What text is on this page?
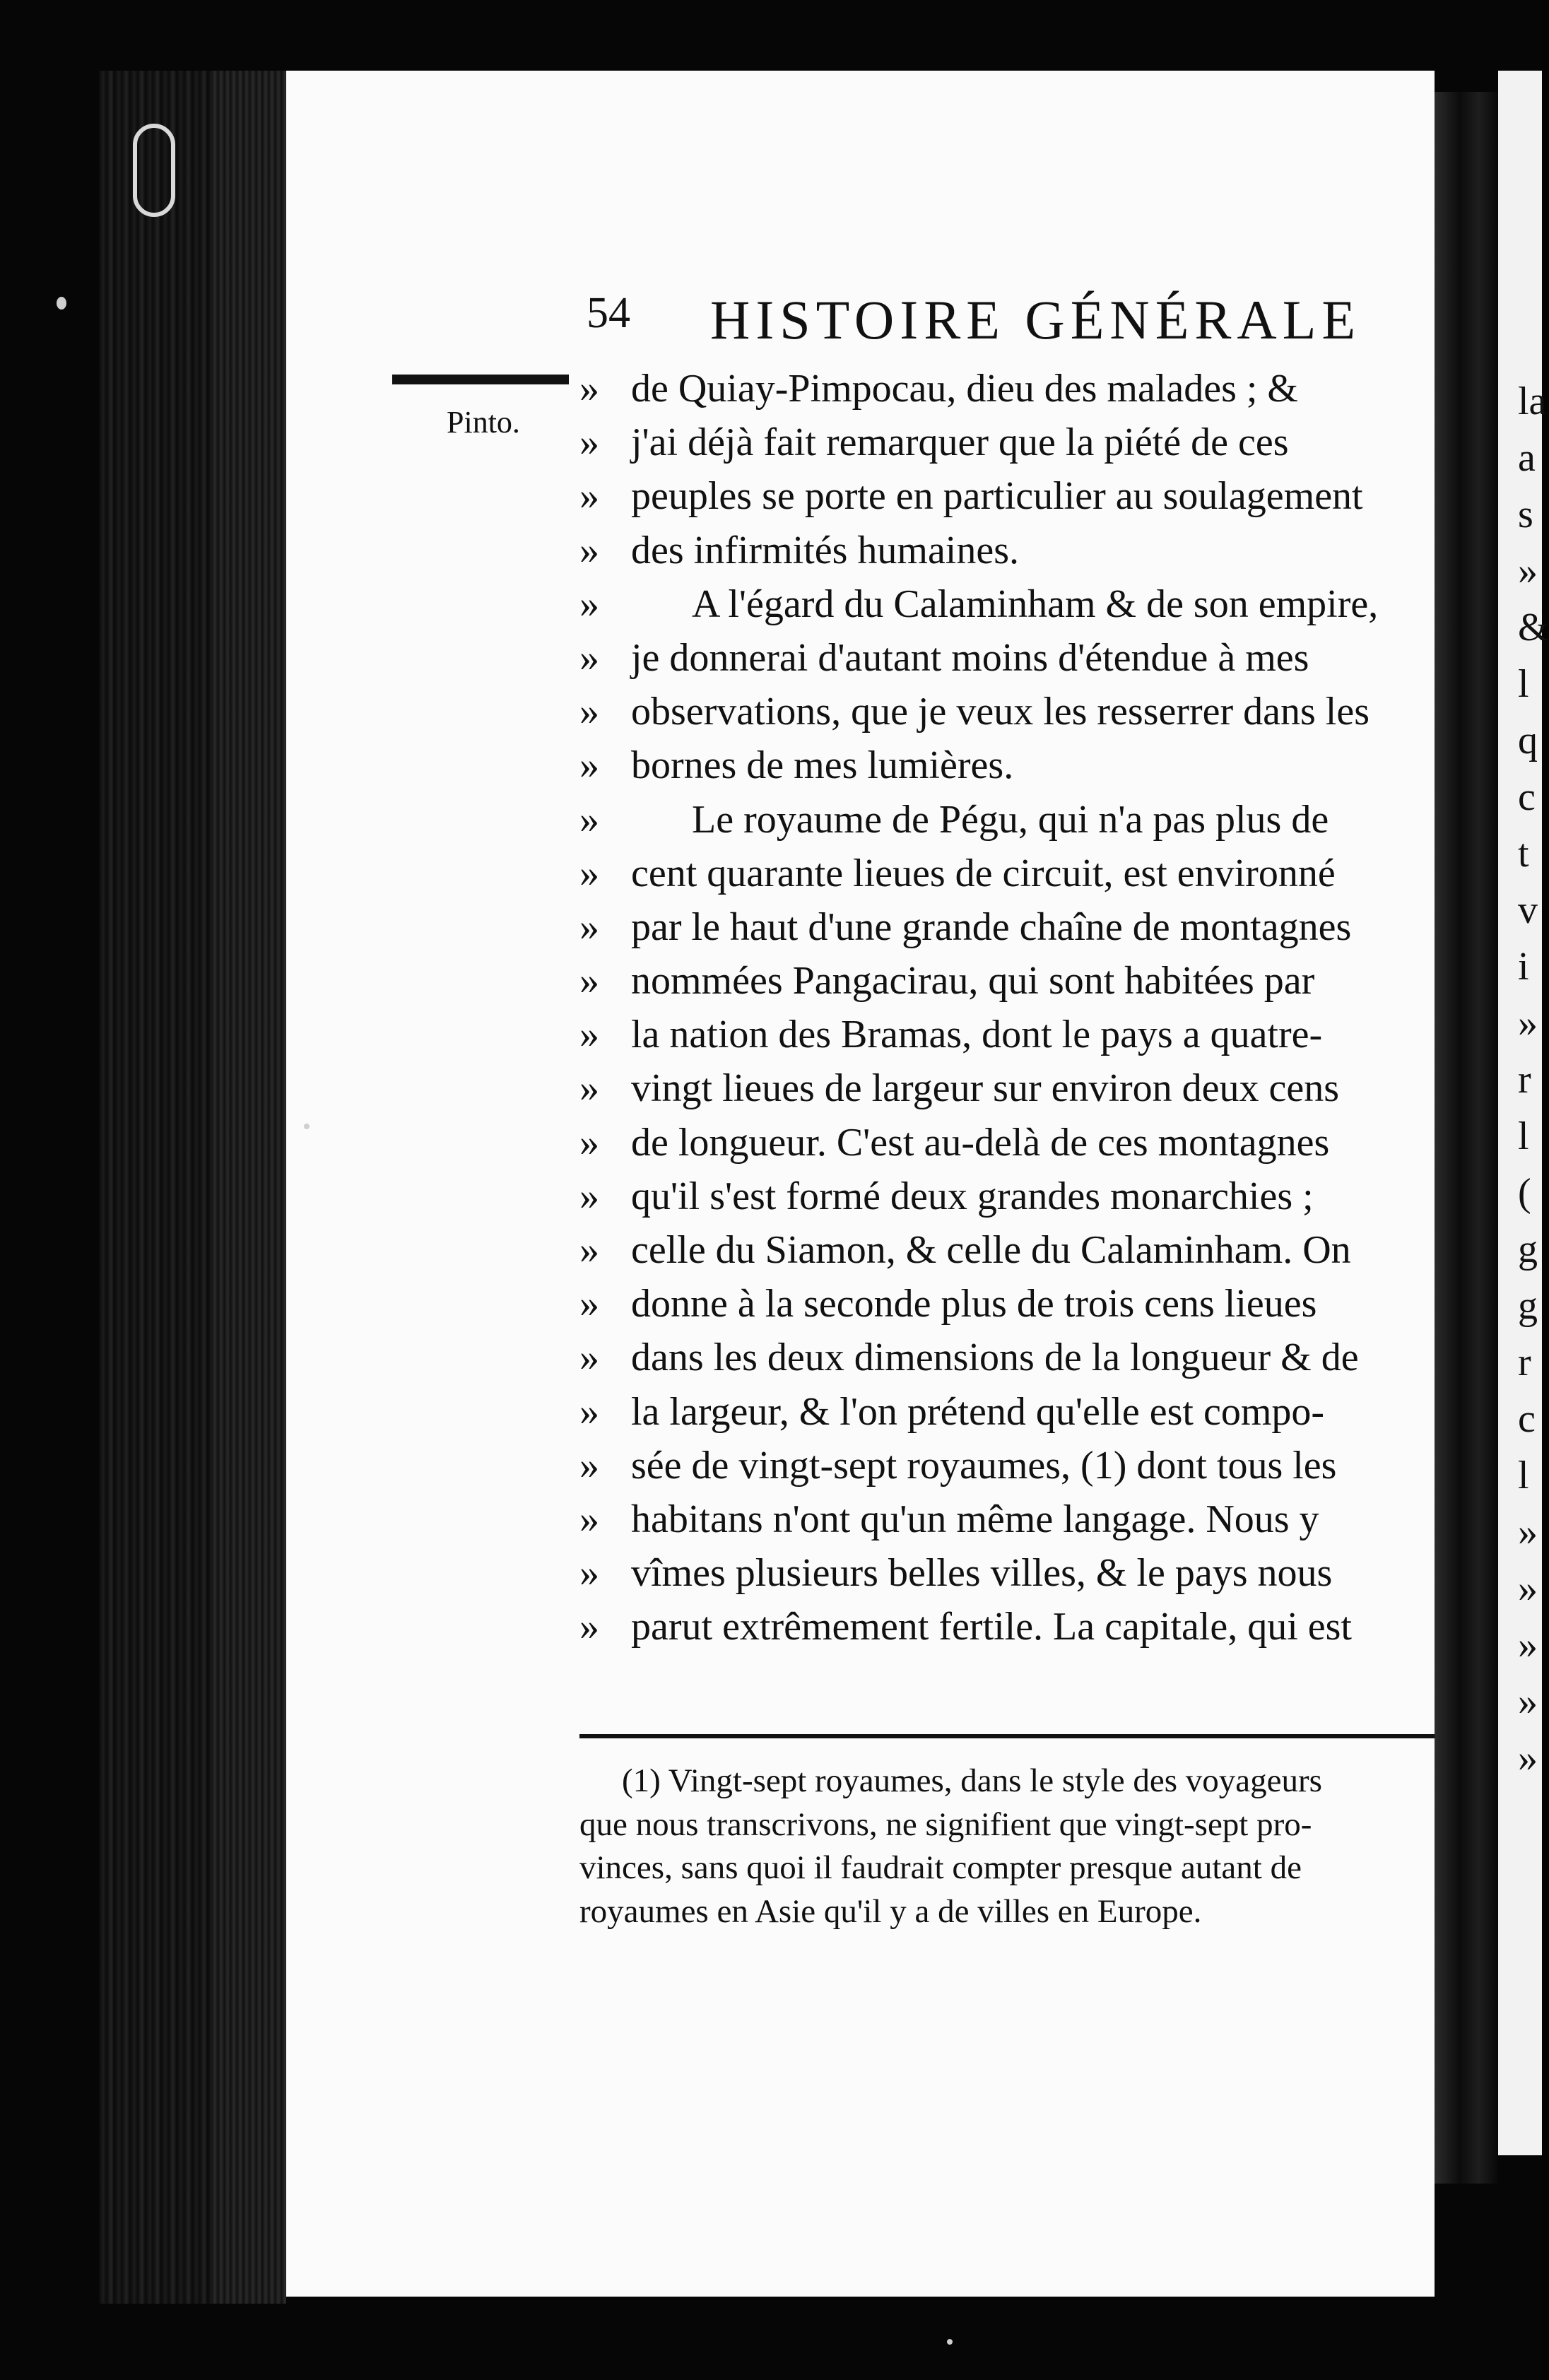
la
a
s
»
&
l
q
c
t
v
i
»
r
l
(
g
g
r
c
l
»
»
»
»
»
Pinto.
54 HISTOIRE GÉNÉRALE
» de Quiay-Pimpocau, dieu des malades ; &
» j'ai déjà fait remarquer que la piété de ces
» peuples se porte en particulier au soulagement
» des infirmités humaines.
» A l'égard du Calaminham & de son empire,
» je donnerai d'autant moins d'étendue à mes
» observations, que je veux les resserrer dans les
» bornes de mes lumières.
» Le royaume de Pégu, qui n'a pas plus de
» cent quarante lieues de circuit, est environné
» par le haut d'une grande chaîne de montagnes
» nommées Pangacirau, qui sont habitées par
» la nation des Bramas, dont le pays a quatre-
» vingt lieues de largeur sur environ deux cens
» de longueur. C'est au-delà de ces montagnes
» qu'il s'est formé deux grandes monarchies ;
» celle du Siamon, & celle du Calaminham. On
» donne à la seconde plus de trois cens lieues
» dans les deux dimensions de la longueur & de
» la largeur, & l'on prétend qu'elle est compo-
» sée de vingt-sept royaumes, (1) dont tous les
» habitans n'ont qu'un même langage. Nous y
» vîmes plusieurs belles villes, & le pays nous
» parut extrêmement fertile. La capitale, qui est
(1) Vingt-sept royaumes, dans le style des voyageurs
que nous transcrivons, ne signifient que vingt-sept pro-
vinces, sans quoi il faudrait compter presque autant de
royaumes en Asie qu'il y a de villes en Europe.
